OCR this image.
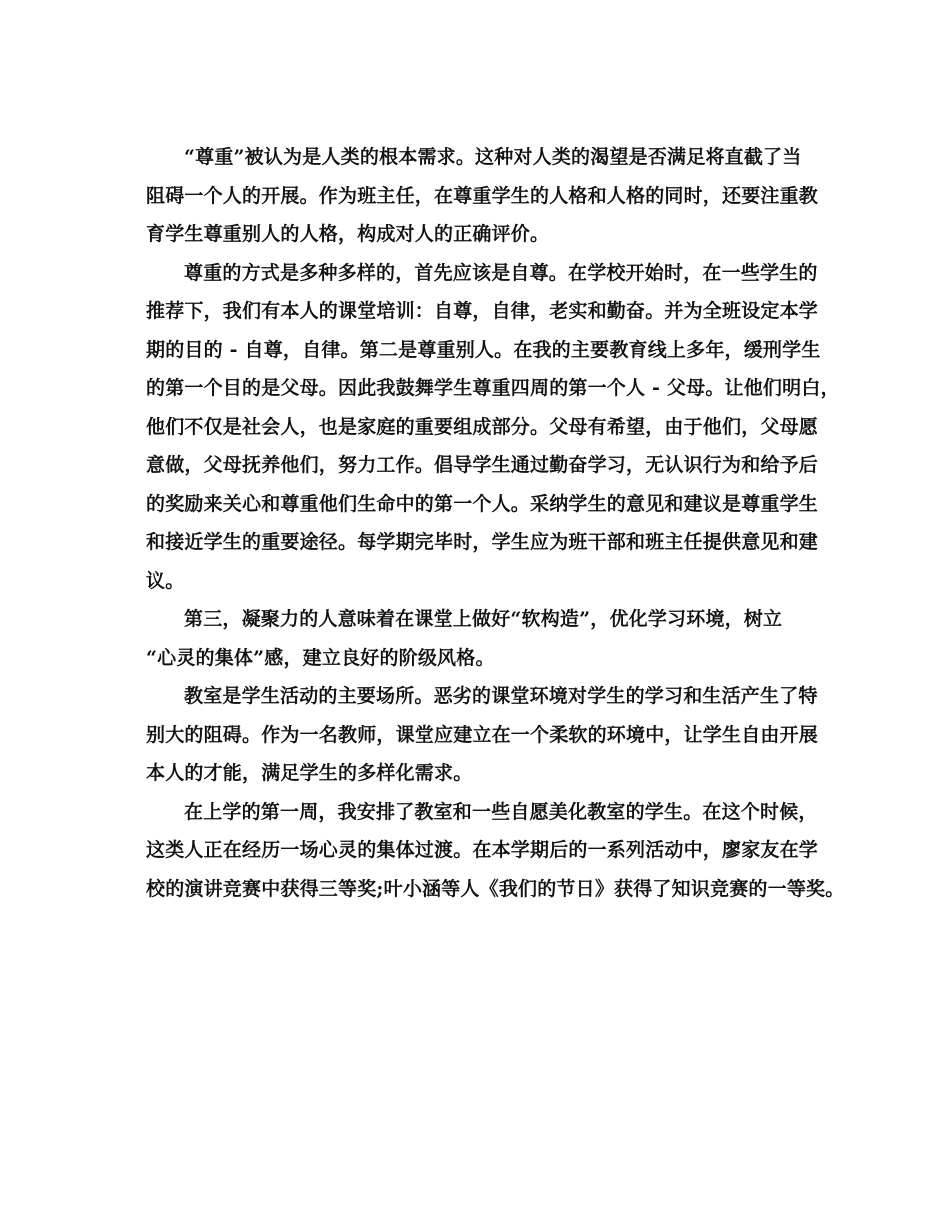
“尊重”被认为是人类的根本需求。这种对人类的渴望是否满足将直截了当
阻碍一个人的开展。作为班主任，在尊重学生的人格和人格的同时，还要注重教
育学生尊重别人的人格，构成对人的正确评价。
尊重的方式是多种多样的，首先应该是自尊。在学校开始时，在一些学生的
推荐下，我们有本人的课堂培训：自尊，自律，老实和勤奋。并为全班设定本学
期的目的 - 自尊，自律。第二是尊重别人。在我的主要教育线上多年，缓刑学生
的第一个目的是父母。因此我鼓舞学生尊重四周的第一个人 - 父母。让他们明白，
他们不仅是社会人，也是家庭的重要组成部分。父母有希望，由于他们，父母愿
意做，父母抚养他们，努力工作。倡导学生通过勤奋学习，无认识行为和给予后
的奖励来关心和尊重他们生命中的第一个人。采纳学生的意见和建议是尊重学生
和接近学生的重要途径。每学期完毕时，学生应为班干部和班主任提供意见和建
议。
第三，凝聚力的人意味着在课堂上做好“软构造”，优化学习环境，树立
“心灵的集体”感，建立良好的阶级风格。
教室是学生活动的主要场所。恶劣的课堂环境对学生的学习和生活产生了特
别大的阻碍。作为一名教师，课堂应建立在一个柔软的环境中，让学生自由开展
本人的才能，满足学生的多样化需求。
在上学的第一周，我安排了教室和一些自愿美化教室的学生。在这个时候，
这类人正在经历一场心灵的集体过渡。在本学期后的一系列活动中，廖家友在学
校的演讲竞赛中获得三等奖;叶小涵等人《我们的节日》获得了知识竞赛的一等奖。
